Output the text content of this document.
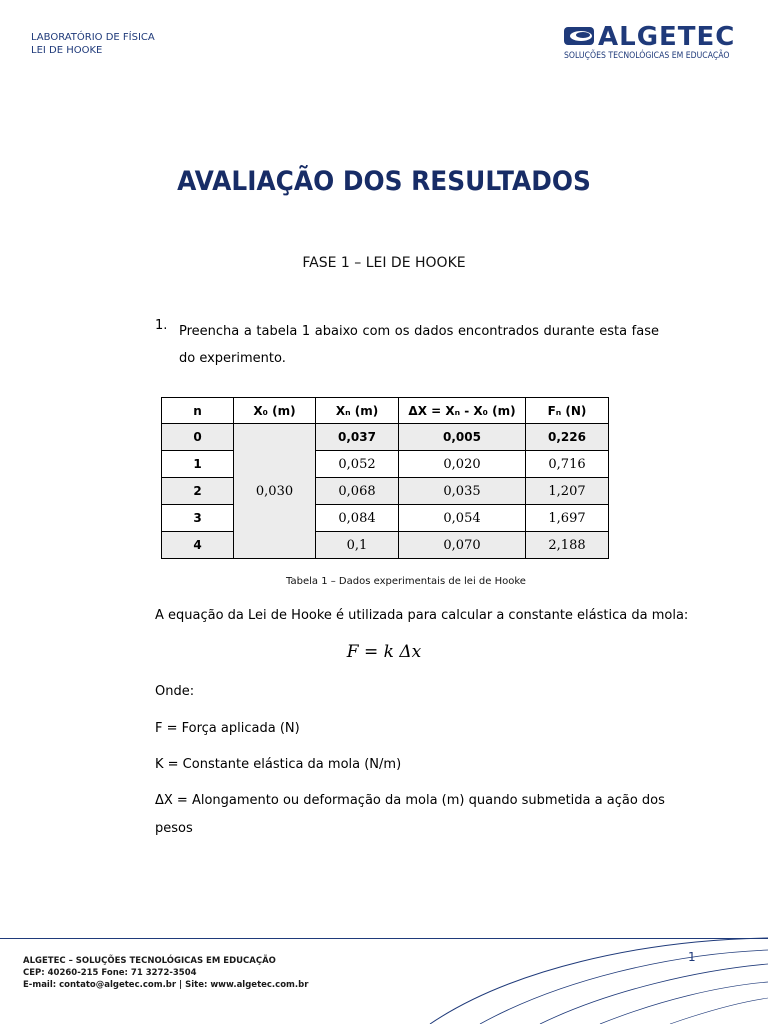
LABORATÓRIO DE FÍSICA
LEI DE HOOKE	ALGETEC
SOLUÇÕES TECNOLÓGICAS EM EDUCAÇÃO
AVALIAÇÃO DOS RESULTADOS
FASE 1 – LEI DE HOOKE
1. Preencha a tabela 1 abaixo com os dados encontrados durante esta fase do experimento.
n	X₀ (m)	Xₙ (m)	ΔX = Xₙ - X₀ (m)	Fₙ (N)
0	0,030	0,037	0,005	0,226
1		0,052	0,020	0,716
2		0,068	0,035	1,207
3		0,084	0,054	1,697
4		0,1	0,070	2,188
Tabela 1 – Dados experimentais de lei de Hooke
A equação da Lei de Hooke é utilizada para calcular a constante elástica da mola:
F = k Δx
Onde:
F = Força aplicada (N)
K = Constante elástica da mola (N/m)
ΔX = Alongamento ou deformação da mola (m) quando submetida a ação dos
pesos
1
ALGETEC – SOLUÇÕES TECNOLÓGICAS EM EDUCAÇÃO
CEP: 40260-215 Fone: 71 3272-3504
E-mail: contato@algetec.com.br | Site: www.algetec.com.br
